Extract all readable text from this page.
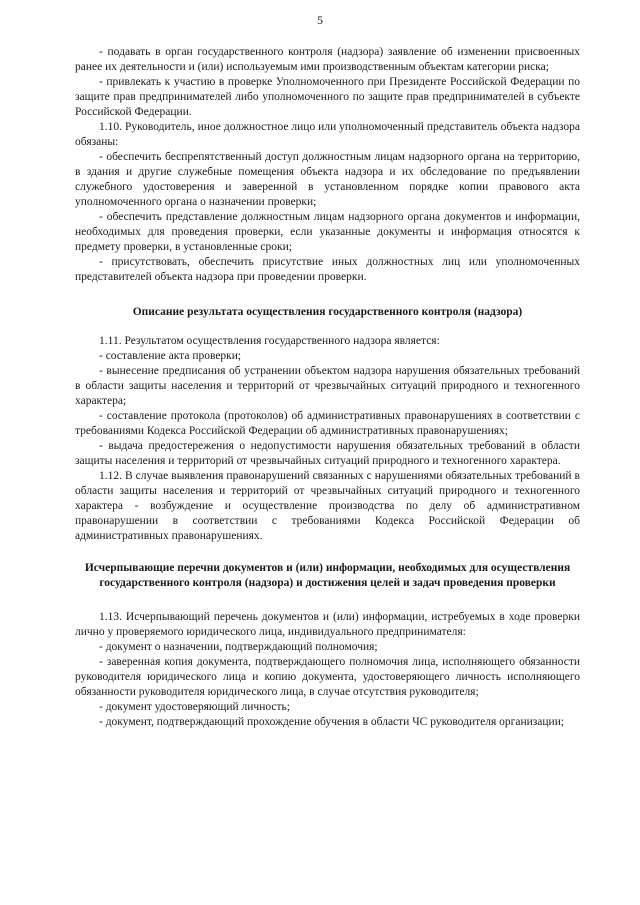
5

- подавать в орган государственного контроля (надзора) заявление об изменении присвоенных ранее их деятельности и (или) используемым ими производственным объектам категории риска;

- привлекать к участию в проверке Уполномоченного при Президенте Российской Федерации по защите прав предпринимателей либо уполномоченного по защите прав предпринимателей в субъекте Российской Федерации.

1.10. Руководитель, иное должностное лицо или уполномоченный представитель объекта надзора обязаны:

- обеспечить беспрепятственный доступ должностным лицам надзорного органа на территорию, в здания и другие служебные помещения объекта надзора и их обследование по предъявлении служебного удостоверения и заверенной в установленном порядке копии правового акта уполномоченного органа о назначении проверки;

- обеспечить представление должностным лицам надзорного органа документов и информации, необходимых для проведения проверки, если указанные документы и информация относятся к предмету проверки, в установленные сроки;

- присутствовать, обеспечить присутствие иных должностных лиц или уполномоченных представителей объекта надзора при проведении проверки.

Описание результата осуществления государственного контроля (надзора)

1.11. Результатом осуществления государственного надзора является:

- составление акта проверки;

- вынесение предписания об устранении объектом надзора нарушения обязательных требований в области защиты населения и территорий от чрезвычайных ситуаций природного и техногенного характера;

- составление протокола (протоколов) об административных правонарушениях в соответствии с требованиями Кодекса Российской Федерации об административных правонарушениях;

- выдача предостережения о недопустимости нарушения обязательных требований в области защиты населения и территорий от чрезвычайных ситуаций природного и техногенного характера.

1.12. В случае выявления правонарушений связанных с нарушениями обязательных требований в области защиты населения и территорий от чрезвычайных ситуаций природного и техногенного характера - возбуждение и осуществление производства по делу об административном правонарушении в соответствии с требованиями Кодекса Российской Федерации об административных правонарушениях.

Исчерпывающие перечни документов и (или) информации, необходимых для осуществления государственного контроля (надзора) и достижения целей и задач проведения проверки

1.13. Исчерпывающий перечень документов и (или) информации, истребуемых в ходе проверки лично у проверяемого юридического лица, индивидуального предпринимателя:

- документ о назначении, подтверждающий полномочия;

- заверенная копия документа, подтверждающего полномочия лица, исполняющего обязанности руководителя юридического лица и копию документа, удостоверяющего личность исполняющего обязанности руководителя юридического лица, в случае отсутствия руководителя;

- документ удостоверяющий личность;

- документ, подтверждающий прохождение обучения в области ЧС руководителя организации;
